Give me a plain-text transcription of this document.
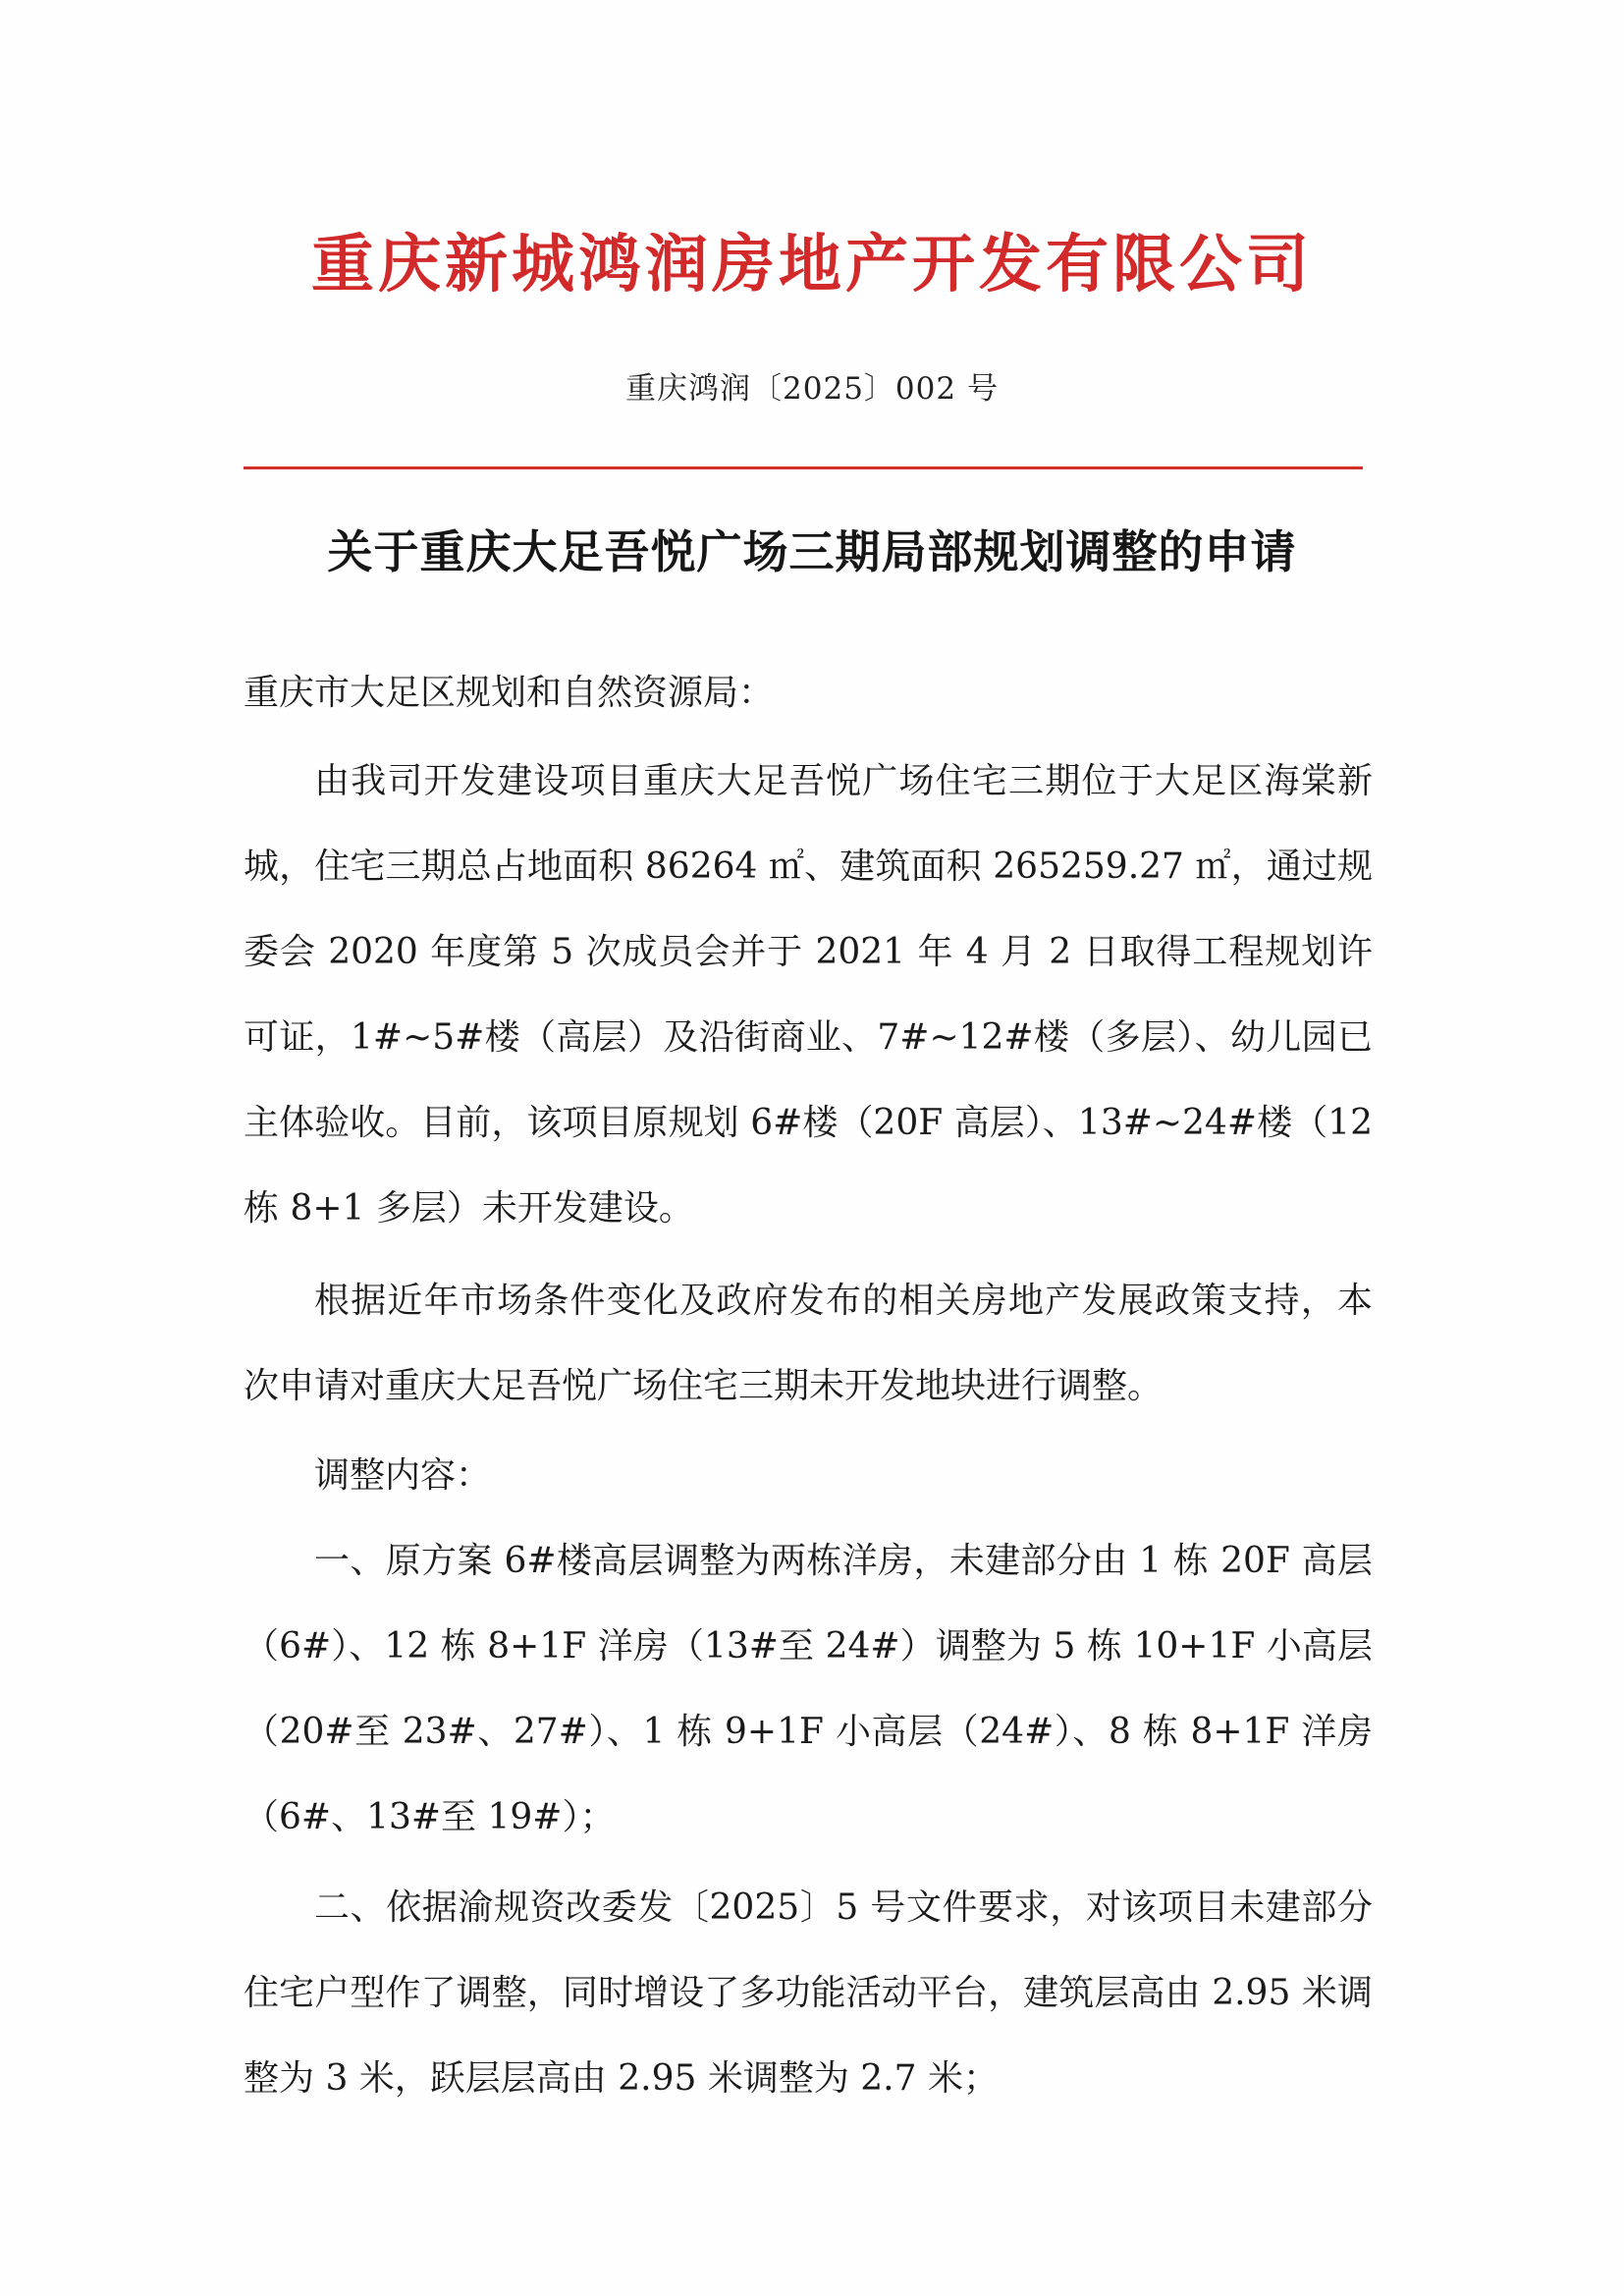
重庆新城鸿润房地产开发有限公司
重庆鸿润〔2025〕002 号
关于重庆大足吾悦广场三期局部规划调整的申请
重庆市大足区规划和自然资源局：

由我司开发建设项目重庆大足吾悦广场住宅三期位于大足区海棠新城，住宅三期总占地面积 86264 ㎡、建筑面积 265259.27 ㎡，通过规委会 2020 年度第 5 次成员会并于 2021 年 4 月 2 日取得工程规划许可证，1#~5#楼（高层）及沿街商业、7#~12#楼（多层）、幼儿园已主体验收。目前，该项目原规划 6#楼（20F 高层）、13#~24#楼（12 栋 8+1 多层）未开发建设。

根据近年市场条件变化及政府发布的相关房地产发展政策支持，本次申请对重庆大足吾悦广场住宅三期未开发地块进行调整。

调整内容：

一、原方案 6#楼高层调整为两栋洋房，未建部分由 1 栋 20F 高层（6#）、12 栋 8+1F 洋房（13#至 24#）调整为 5 栋 10+1F 小高层（20#至 23#、27#）、1 栋 9+1F 小高层（24#）、8 栋 8+1F 洋房（6#、13#至 19#）；

二、依据渝规资改委发〔2025〕5 号文件要求，对该项目未建部分住宅户型作了调整，同时增设了多功能活动平台，建筑层高由 2.95 米调整为 3 米，跃层层高由 2.95 米调整为 2.7 米；
